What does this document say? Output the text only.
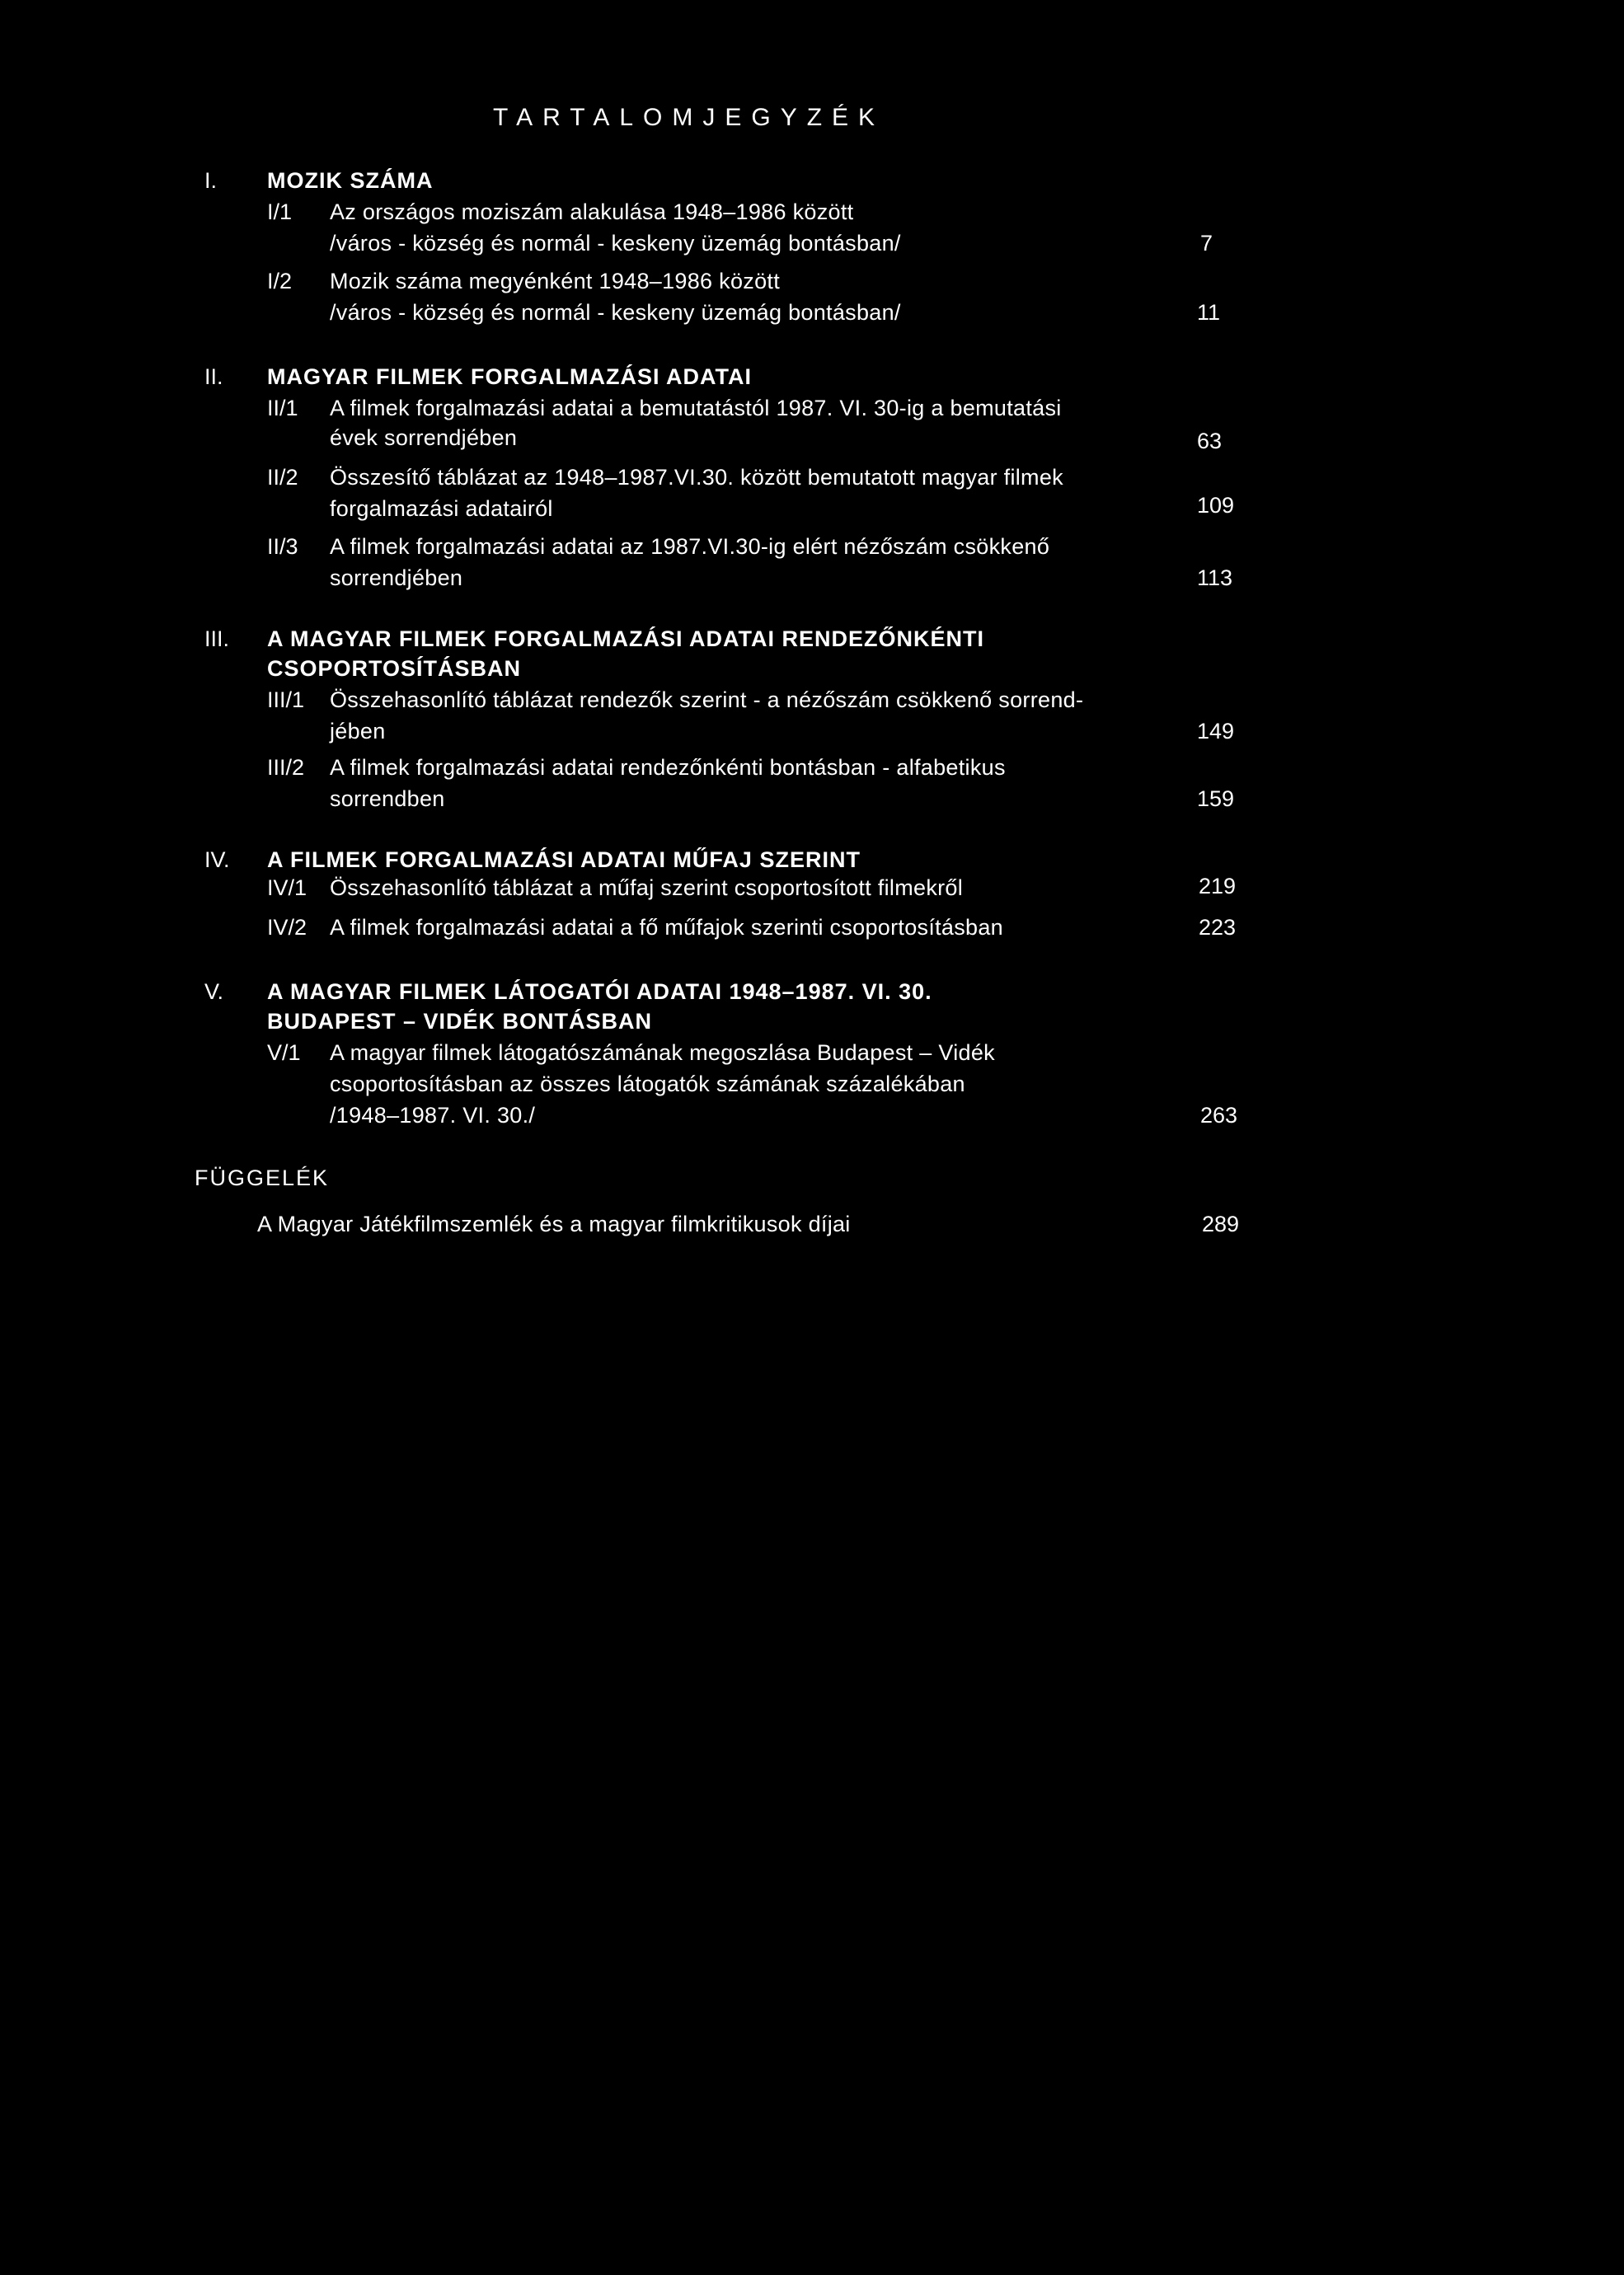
TARTALOMJEGYZÉK
I. MOZIK SZÁMA
I/1 Az országos moziszám alakulása 1948–1986 között
/város - község és normál - keskeny üzemág bontásban/	7
I/2 Mozik száma megyénként 1948–1986 között
/város - község és normál - keskeny üzemág bontásban/	11
II. MAGYAR FILMEK FORGALMAZÁSI ADATAI
II/1 A filmek forgalmazási adatai a bemutatástól 1987. VI. 30-ig a bemutatási
évek sorrendjében	63
II/2 Összesítő táblázat az 1948–1987.VI.30. között bemutatott magyar filmek
forgalmazási adatairól	109
II/3 A filmek forgalmazási adatai az 1987.VI.30-ig elért nézőszám csökkenő
sorrendjében	113
III. A MAGYAR FILMEK FORGALMAZÁSI ADATAI RENDEZŐNKÉNTI
CSOPORTOSÍTÁSBAN
III/1 Összehasonlító táblázat rendezők szerint - a nézőszám csökkenő sorrend-
jében	149
III/2 A filmek forgalmazási adatai rendezőnkénti bontásban - alfabetikus
sorrendben	159
IV. A FILMEK FORGALMAZÁSI ADATAI MŰFAJ SZERINT
IV/1 Összehasonlító táblázat a műfaj szerint csoportosított filmekről	219
IV/2 A filmek forgalmazási adatai a fő műfajok szerinti csoportosításban	223
V. A MAGYAR FILMEK LÁTOGATÓI ADATAI 1948–1987. VI. 30.
BUDAPEST – VIDÉK BONTÁSBAN
V/1 A magyar filmek látogatószámának megoszlása Budapest – Vidék
csoportosításban az összes látogatók számának százalékában
/1948–1987. VI. 30./	263
FÜGGELÉK
A Magyar Játékfilmszemlék és a magyar filmkritikusok díjai	289
